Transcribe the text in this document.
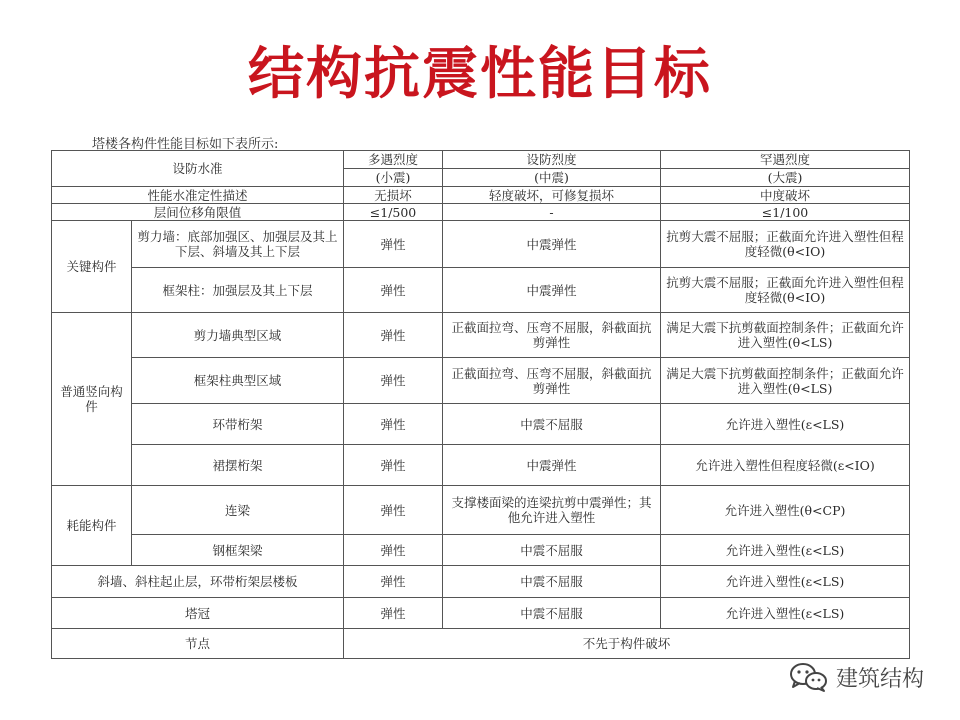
结构抗震性能目标
塔楼各构件性能目标如下表所示:
设防水准		多遇烈度	设防烈度	罕遇烈度
		(小震)	(中震)	(大震)
性能水准定性描述		无损坏	轻度破坏，可修复损坏	中度破坏
层间位移角限值		≤1/500	-	≤1/100
关键构件	剪力墙：底部加强区、加强层及其上下层、斜墙及其上下层	弹性	中震弹性	抗剪大震不屈服；正截面允许进入塑性但程度轻微(θ<IO)
	框架柱：加强层及其上下层	弹性	中震弹性	抗剪大震不屈服；正截面允许进入塑性但程度轻微(θ<IO)
普通竖向构件	剪力墙典型区域	弹性	正截面拉弯、压弯不屈服，斜截面抗剪弹性	满足大震下抗剪截面控制条件；正截面允许进入塑性(θ<LS)
	框架柱典型区域	弹性	正截面拉弯、压弯不屈服，斜截面抗剪弹性	满足大震下抗剪截面控制条件；正截面允许进入塑性(θ<LS)
	环带桁架	弹性	中震不屈服	允许进入塑性(ε<LS)
	裙摆桁架	弹性	中震弹性	允许进入塑性但程度轻微(ε<IO)
耗能构件	连梁	弹性	支撑楼面梁的连梁抗剪中震弹性；其他允许进入塑性	允许进入塑性(θ<CP)
	钢框架梁	弹性	中震不屈服	允许进入塑性(ε<LS)
斜墙、斜柱起止层，环带桁架层楼板		弹性	中震不屈服	允许进入塑性(ε<LS)
塔冠		弹性	中震不屈服	允许进入塑性(ε<LS)
节点		不先于构件破坏		
建筑结构
